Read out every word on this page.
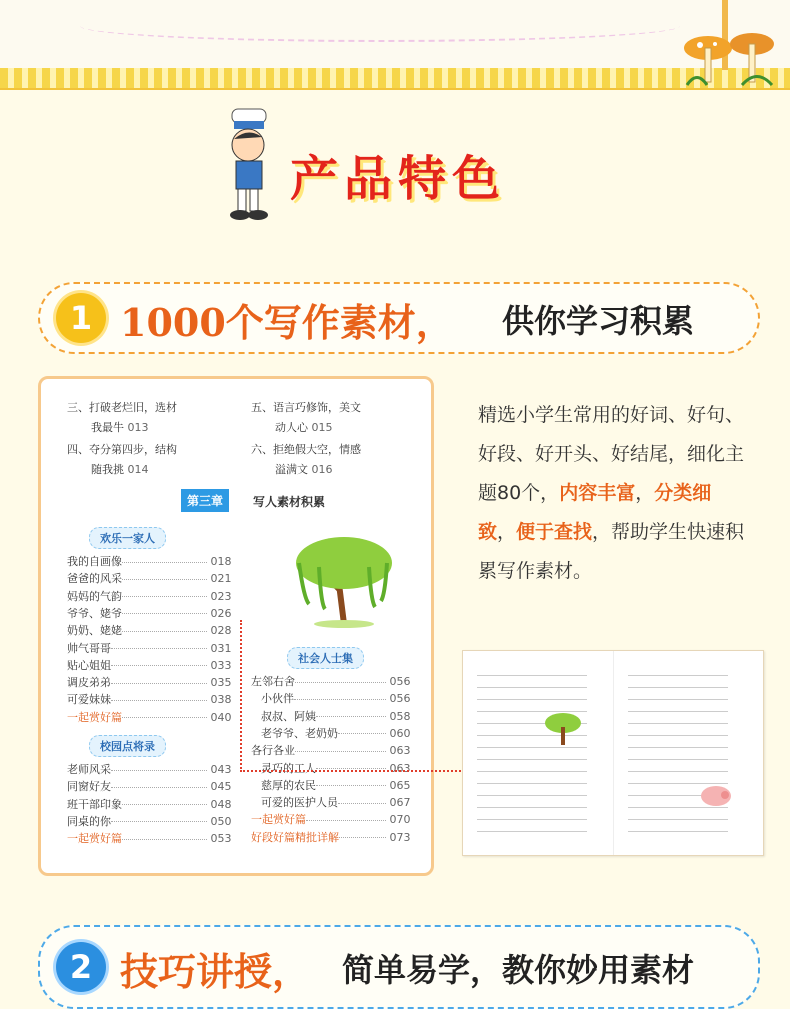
产品特色
1 1000个写作素材， 供你学习积累
三、打破老烂旧，选材
我最牛 013
四、夺分第四步，结构
随我挑 014
五、语言巧修饰，美文
动人心 015
六、拒绝假大空，情感
溢满文 016
第三章	写人素材积累
欢乐一家人
我的自画像	018
爸爸的风采	021
妈妈的气韵	023
爷爷、姥爷	026
奶奶、姥姥	028
帅气哥哥	031
贴心姐姐	033
调皮弟弟	035
可爱妹妹	038
一起赏好篇	040
校园点将录
老师风采	043
同窗好友	045
班干部印象	048
同桌的你	050
一起赏好篇	053
社会人士集
左邻右舍	056
小伙伴	056
叔叔、阿姨	058
老爷爷、老奶奶	060
各行各业	063
灵巧的工人	063
慈厚的农民	065
可爱的医护人员	067
一起赏好篇	070
好段好篇精批详解	073
精选小学生常用的好词、好句、好段、好开头、好结尾，细化主题80个，内容丰富，分类细致，便于查找，帮助学生快速积累写作素材。
2 技巧讲授， 简单易学，教你妙用素材
